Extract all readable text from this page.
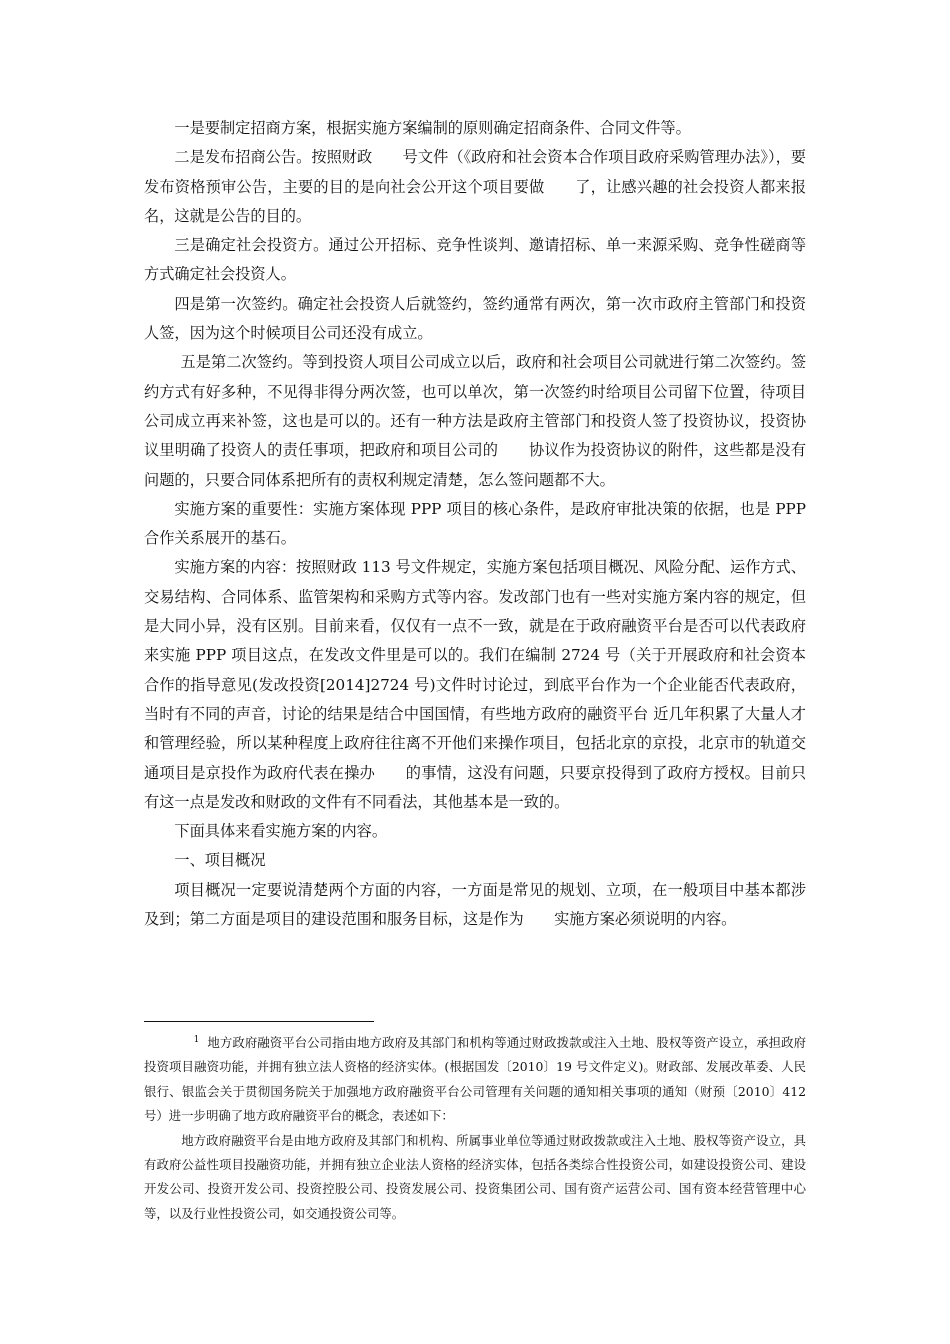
一是要制定招商方案，根据实施方案编制的原则确定招商条件、合同文件等。

二是发布招商公告。按照财政　　号文件（《政府和社会资本合作项目政府采购管理办法》），要发布资格预审公告，主要的目的是向社会公开这个项目要做　　了，让感兴趣的社会投资人都来报名，这就是公告的目的。

三是确定社会投资方。通过公开招标、竞争性谈判、邀请招标、单一来源采购、竞争性磋商等方式确定社会投资人。

四是第一次签约。确定社会投资人后就签约，签约通常有两次，第一次市政府主管部门和投资人签，因为这个时候项目公司还没有成立。

五是第二次签约。等到投资人项目公司成立以后，政府和社会项目公司就进行第二次签约。签约方式有好多种，不见得非得分两次签，也可以单次，第一次签约时给项目公司留下位置，待项目公司成立再来补签，这也是可以的。还有一种方法是政府主管部门和投资人签了投资协议，投资协议里明确了投资人的责任事项，把政府和项目公司的　　协议作为投资协议的附件，这些都是没有问题的，只要合同体系把所有的责权利规定清楚，怎么签问题都不大。

实施方案的重要性：实施方案体现 PPP 项目的核心条件，是政府审批决策的依据，也是 PPP 合作关系展开的基石。

实施方案的内容：按照财政 113 号文件规定，实施方案包括项目概况、风险分配、运作方式、交易结构、合同体系、监管架构和采购方式等内容。发改部门也有一些对实施方案内容的规定，但是大同小异，没有区别。目前来看，仅仅有一点不一致，就是在于政府融资平台是否可以代表政府来实施 PPP 项目这点，在发改文件里是可以的。我们在编制 2724 号（关于开展政府和社会资本合作的指导意见(发改投资[2014]2724 号)文件时讨论过，到底平台作为一个企业能否代表政府，当时有不同的声音，讨论的结果是结合中国国情，有些地方政府的融资平台 近几年积累了大量人才和管理经验，所以某种程度上政府往往离不开他们来操作项目，包括北京的京投，北京市的轨道交通项目是京投作为政府代表在操办　　的事情，这没有问题，只要京投得到了政府方授权。目前只有这一点是发改和财政的文件有不同看法，其他基本是一致的。

下面具体来看实施方案的内容。

一、项目概况

项目概况一定要说清楚两个方面的内容，一方面是常见的规划、立项，在一般项目中基本都涉及到；第二方面是项目的建设范围和服务目标，这是作为　　实施方案必须说明的内容。

$^1$ 地方政府融资平台公司指由地方政府及其部门和机构等通过财政拨款或注入土地、股权等资产设立，承担政府投资项目融资功能，并拥有独立法人资格的经济实体。(根据国发〔2010〕19 号文件定义)。财政部、发展改革委、人民银行、银监会关于贯彻国务院关于加强地方政府融资平台公司管理有关问题的通知相关事项的通知（财预〔2010〕412 号）进一步明确了地方政府融资平台的概念，表述如下：

地方政府融资平台是由地方政府及其部门和机构、所属事业单位等通过财政拨款或注入土地、股权等资产设立，具有政府公益性项目投融资功能，并拥有独立企业法人资格的经济实体，包括各类综合性投资公司，如建设投资公司、建设开发公司、投资开发公司、投资控股公司、投资发展公司、投资集团公司、国有资产运营公司、国有资本经营管理中心等，以及行业性投资公司，如交通投资公司等。
